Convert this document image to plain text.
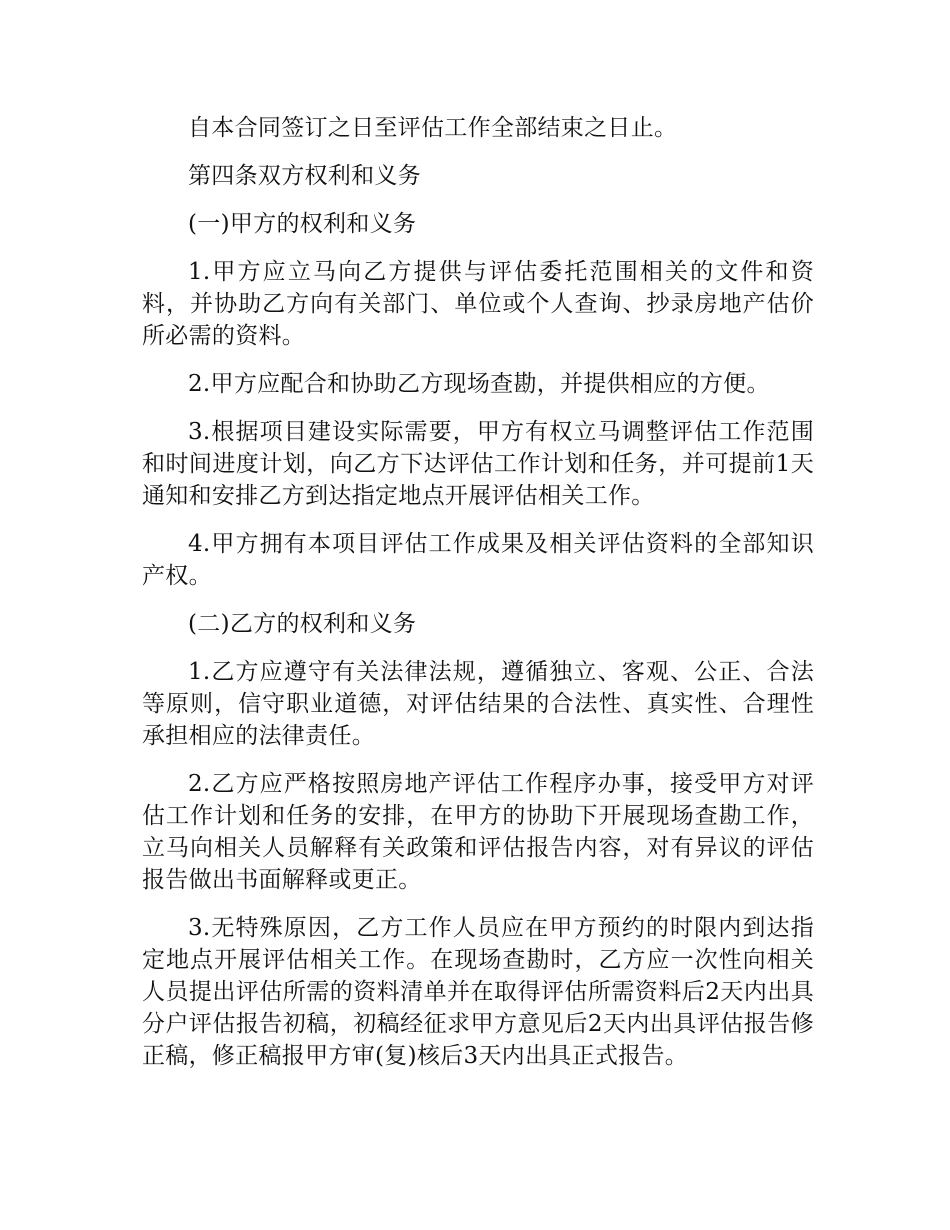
自本合同签订之日至评估工作全部结束之日止。

第四条双方权利和义务

(一)甲方的权利和义务

1.甲方应立马向乙方提供与评估委托范围相关的文件和资料，并协助乙方向有关部门、单位或个人查询、抄录房地产估价所必需的资料。

2.甲方应配合和协助乙方现场查勘，并提供相应的方便。

3.根据项目建设实际需要，甲方有权立马调整评估工作范围和时间进度计划，向乙方下达评估工作计划和任务，并可提前1天通知和安排乙方到达指定地点开展评估相关工作。

4.甲方拥有本项目评估工作成果及相关评估资料的全部知识产权。

(二)乙方的权利和义务

1.乙方应遵守有关法律法规，遵循独立、客观、公正、合法等原则，信守职业道德，对评估结果的合法性、真实性、合理性承担相应的法律责任。

2.乙方应严格按照房地产评估工作程序办事，接受甲方对评估工作计划和任务的安排，在甲方的协助下开展现场查勘工作，立马向相关人员解释有关政策和评估报告内容，对有异议的评估报告做出书面解释或更正。

3.无特殊原因，乙方工作人员应在甲方预约的时限内到达指定地点开展评估相关工作。在现场查勘时，乙方应一次性向相关人员提出评估所需的资料清单并在取得评估所需资料后2天内出具分户评估报告初稿，初稿经征求甲方意见后2天内出具评估报告修正稿，修正稿报甲方审(复)核后3天内出具正式报告。
